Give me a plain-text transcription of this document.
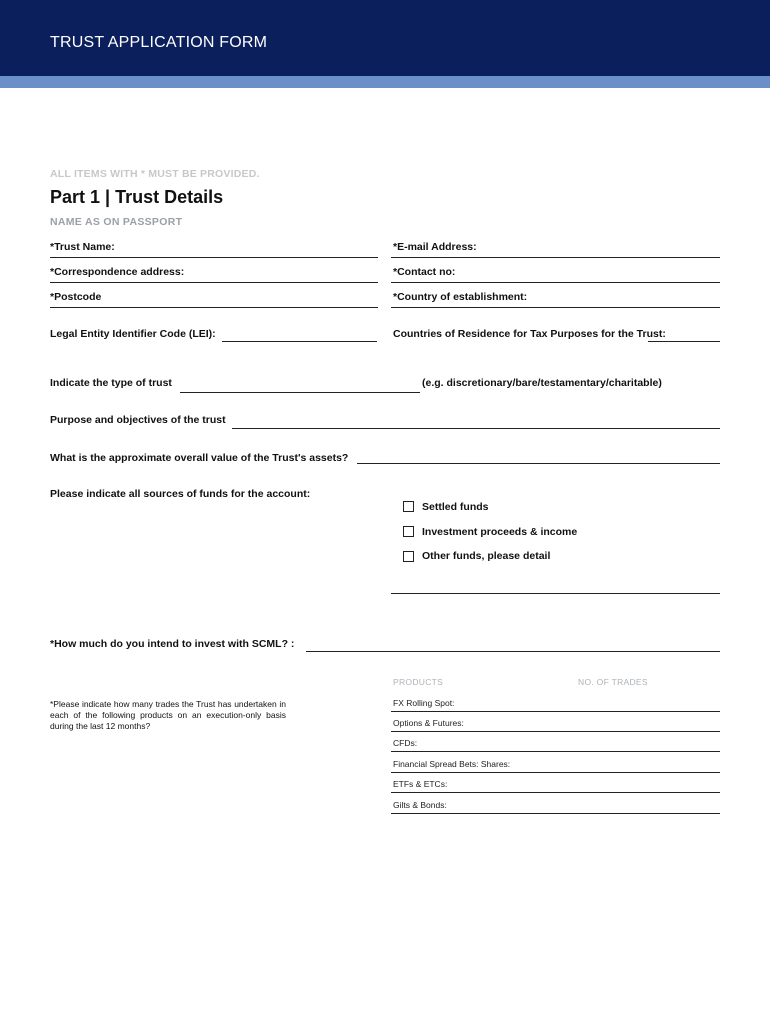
TRUST APPLICATION FORM
ALL ITEMS WITH * MUST BE PROVIDED.
Part 1 | Trust Details
NAME AS ON PASSPORT
*Trust Name:	*E-mail Address:
*Correspondence address:	*Contact no:
*Postcode	*Country of establishment:
Legal Entity Identifier Code (LEI):	Countries of Residence for Tax Purposes for the Trust:
Indicate the type of trust	(e.g. discretionary/bare/testamentary/charitable)
Purpose and objectives of the trust
What is the approximate overall value of the Trust's assets?
Please indicate all sources of funds for the account:
Settled funds
Investment proceeds & income
Other funds, please detail
*How much do you intend to invest with SCML? :
PRODUCTS	NO. OF TRADES
*Please indicate how many trades the Trust has undertaken in each of the following products on an execution-only basis during the last 12 months?
FX Rolling Spot:
Options & Futures:
CFDs:
Financial Spread Bets: Shares:
ETFs & ETCs:
Gilts & Bonds:
